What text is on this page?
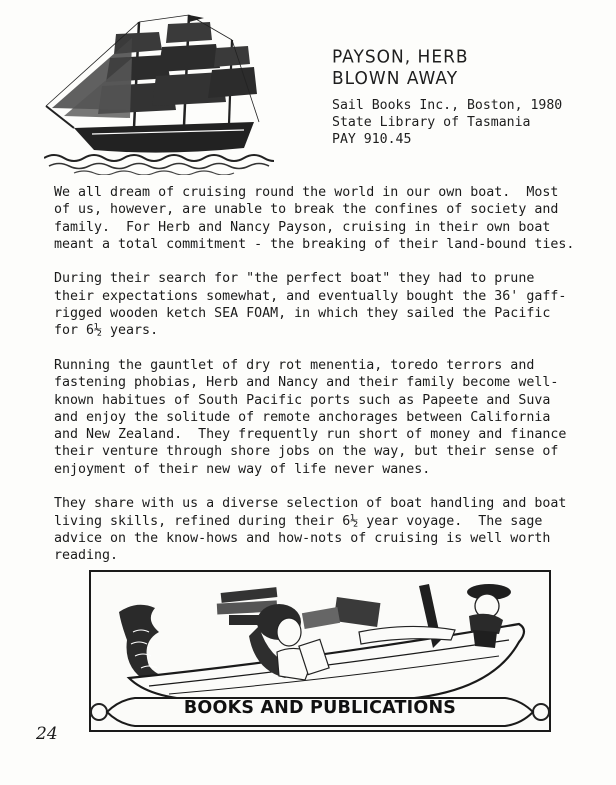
PAYSON, HERB
BLOWN AWAY
Sail Books Inc., Boston, 1980
State Library of Tasmania
PAY 910.45
We all dream of cruising round the world in our own boat.  Most
of us, however, are unable to break the confines of society and
family.  For Herb and Nancy Payson, cruising in their own boat
meant a total commitment - the breaking of their land-bound ties.
During their search for "the perfect boat" they had to prune
their expectations somewhat, and eventually bought the 36' gaff-
rigged wooden ketch SEA FOAM, in which they sailed the Pacific
for 6½ years.
Running the gauntlet of dry rot menentia, toredo terrors and
fastening phobias, Herb and Nancy and their family become well-
known habitues of South Pacific ports such as Papeete and Suva
and enjoy the solitude of remote anchorages between California
and New Zealand.  They frequently run short of money and finance
their venture through shore jobs on the way, but their sense of
enjoyment of their new way of life never wanes.
They share with us a diverse selection of boat handling and boat
living skills, refined during their 6½ year voyage.  The sage
advice on the know-hows and how-nots of cruising is well worth
reading.
BOOKS AND PUBLICATIONS
24
